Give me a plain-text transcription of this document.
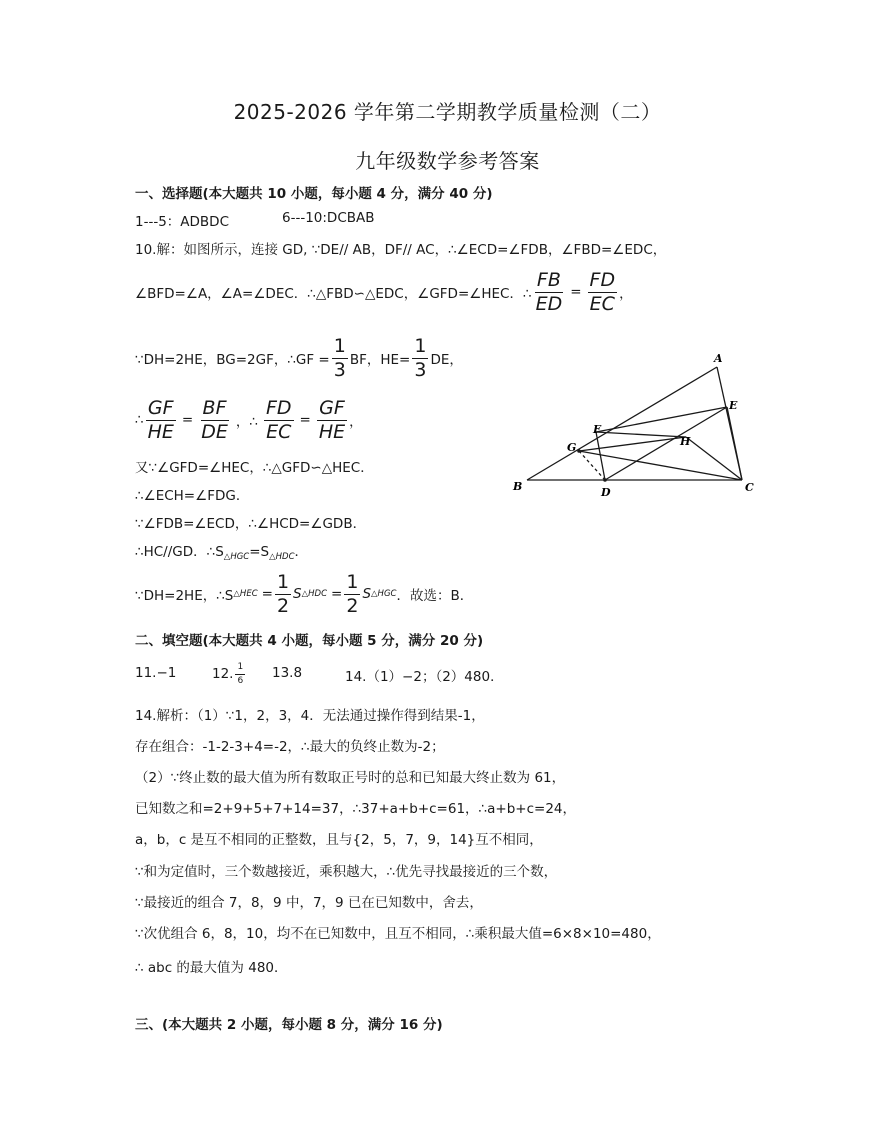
2025-2026 学年第二学期教学质量检测（二）
九年级数学参考答案
一、选择题(本大题共 10 小题，每小题 4 分，满分 40 分)
1---5：ADBDC	6---10:DCBAB
10.解：如图所示，连接 GD, ∵DE// AB，DF// AC，∴∠ECD=∠FDB，∠FBD=∠EDC，
∠BFD=∠A，∠A=∠DEC．∴△FBD∽△EDC，∠GFD=∠HEC．∴ $\frac{FB}{ED} = \frac{FD}{EC}$ ，
∵DH=2HE，BG=2GF，∴GF = $\frac{1}{3}$ BF，$HE= \frac{1}{3}$ DE，
∴ $\frac{GF}{HE} = \frac{BF}{DE}$ ，∴ $\frac{FD}{EC} = \frac{GF}{HE}$ ，
又∵∠GFD=∠HEC，∴△GFD∽△HEC．
∴∠ECH=∠FDG．
∵∠FDB=∠ECD，∴∠HCD=∠GDB．
∴HC//GD．$\therefore S_{\triangle HGC}=S_{\triangle HDC}$．
∵DH=2HE，∴S △HEC = $\frac{1}{2}$ S △HDC = $\frac{1}{2}$ S △HGC ．故选：B．
A
E
F
H
G
B	D	C
二、填空题(本大题共 4 小题，每小题 5 分，满分 20 分)
11.−1	12. $\frac{1}{6} 13.8$	14.（1）−2；（2）480．
14.解析：（1）∵1，2，3，4．无法通过操作得到结果-1，
存在组合：-1-2-3+4=-2，∴最大的负终止数为-2；
（2）∵终止数的最大值为所有数取正号时的总和已知最大终止数为 61，
已知数之和=2+9+5+7+14=37，∴37+a+b+c=61，∴a+b+c=24，
a，b，c 是互不相同的正整数，且与{2，5，7，9，14}互不相同，
∵和为定值时，三个数越接近，乘积越大，∴优先寻找最接近的三个数，
∵最接近的组合 7，8，9 中，7，9 已在已知数中，舍去，
∵次优组合 6，8，10，均不在已知数中，且互不相同，∴乘积最大值=6×8×10=480，
∴ abc 的最大值为 480．
三、(本大题共 2 小题，每小题 8 分，满分 16 分)
